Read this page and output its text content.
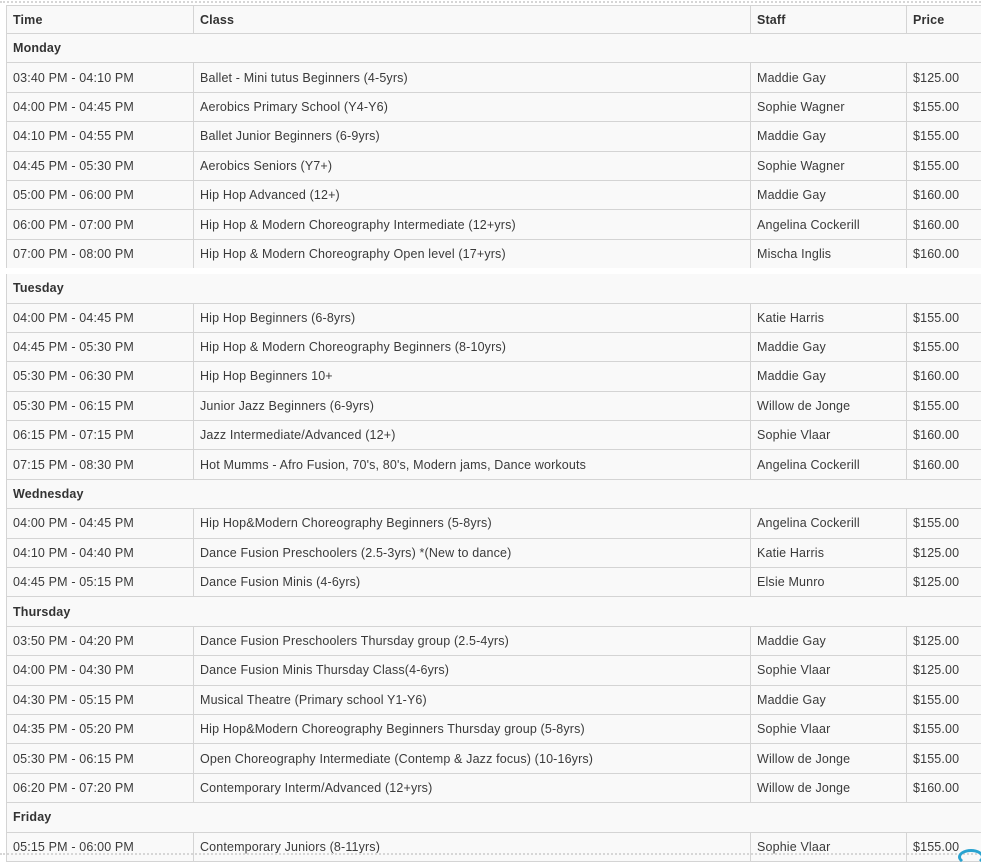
Time	Class	Staff	Price
Monday			
03:40 PM - 04:10 PM	Ballet - Mini tutus Beginners (4-5yrs)	Maddie Gay	$125.00
04:00 PM - 04:45 PM	Aerobics Primary School (Y4-Y6)	Sophie Wagner	$155.00
04:10 PM - 04:55 PM	Ballet Junior Beginners (6-9yrs)	Maddie Gay	$155.00
04:45 PM - 05:30 PM	Aerobics Seniors (Y7+)	Sophie Wagner	$155.00
05:00 PM - 06:00 PM	Hip Hop Advanced (12+)	Maddie Gay	$160.00
06:00 PM - 07:00 PM	Hip Hop & Modern Choreography Intermediate (12+yrs)	Angelina Cockerill	$160.00
07:00 PM - 08:00 PM	Hip Hop & Modern Choreography Open level (17+yrs)	Mischa Inglis	$160.00
Tuesday			
04:00 PM - 04:45 PM	Hip Hop Beginners (6-8yrs)	Katie Harris	$155.00
04:45 PM - 05:30 PM	Hip Hop & Modern Choreography Beginners (8-10yrs)	Maddie Gay	$155.00
05:30 PM - 06:30 PM	Hip Hop Beginners 10+	Maddie Gay	$160.00
05:30 PM - 06:15 PM	Junior Jazz Beginners (6-9yrs)	Willow de Jonge	$155.00
06:15 PM - 07:15 PM	Jazz Intermediate/Advanced (12+)	Sophie Vlaar	$160.00
07:15 PM - 08:30 PM	Hot Mumms - Afro Fusion, 70's, 80's, Modern jams, Dance workouts	Angelina Cockerill	$160.00
Wednesday			
04:00 PM - 04:45 PM	Hip Hop&Modern Choreography Beginners (5-8yrs)	Angelina Cockerill	$155.00
04:10 PM - 04:40 PM	Dance Fusion Preschoolers (2.5-3yrs) *(New to dance)	Katie Harris	$125.00
04:45 PM - 05:15 PM	Dance Fusion Minis (4-6yrs)	Elsie Munro	$125.00
Thursday			
03:50 PM - 04:20 PM	Dance Fusion Preschoolers Thursday group (2.5-4yrs)	Maddie Gay	$125.00
04:00 PM - 04:30 PM	Dance Fusion Minis Thursday Class(4-6yrs)	Sophie Vlaar	$125.00
04:30 PM - 05:15 PM	Musical Theatre (Primary school Y1-Y6)	Maddie Gay	$155.00
04:35 PM - 05:20 PM	Hip Hop&Modern Choreography Beginners Thursday group (5-8yrs)	Sophie Vlaar	$155.00
05:30 PM - 06:15 PM	Open Choreography Intermediate (Contemp & Jazz focus) (10-16yrs)	Willow de Jonge	$155.00
06:20 PM - 07:20 PM	Contemporary Interm/Advanced (12+yrs)	Willow de Jonge	$160.00
Friday			
05:15 PM - 06:00 PM	Contemporary Juniors (8-11yrs)	Sophie Vlaar	$155.00
